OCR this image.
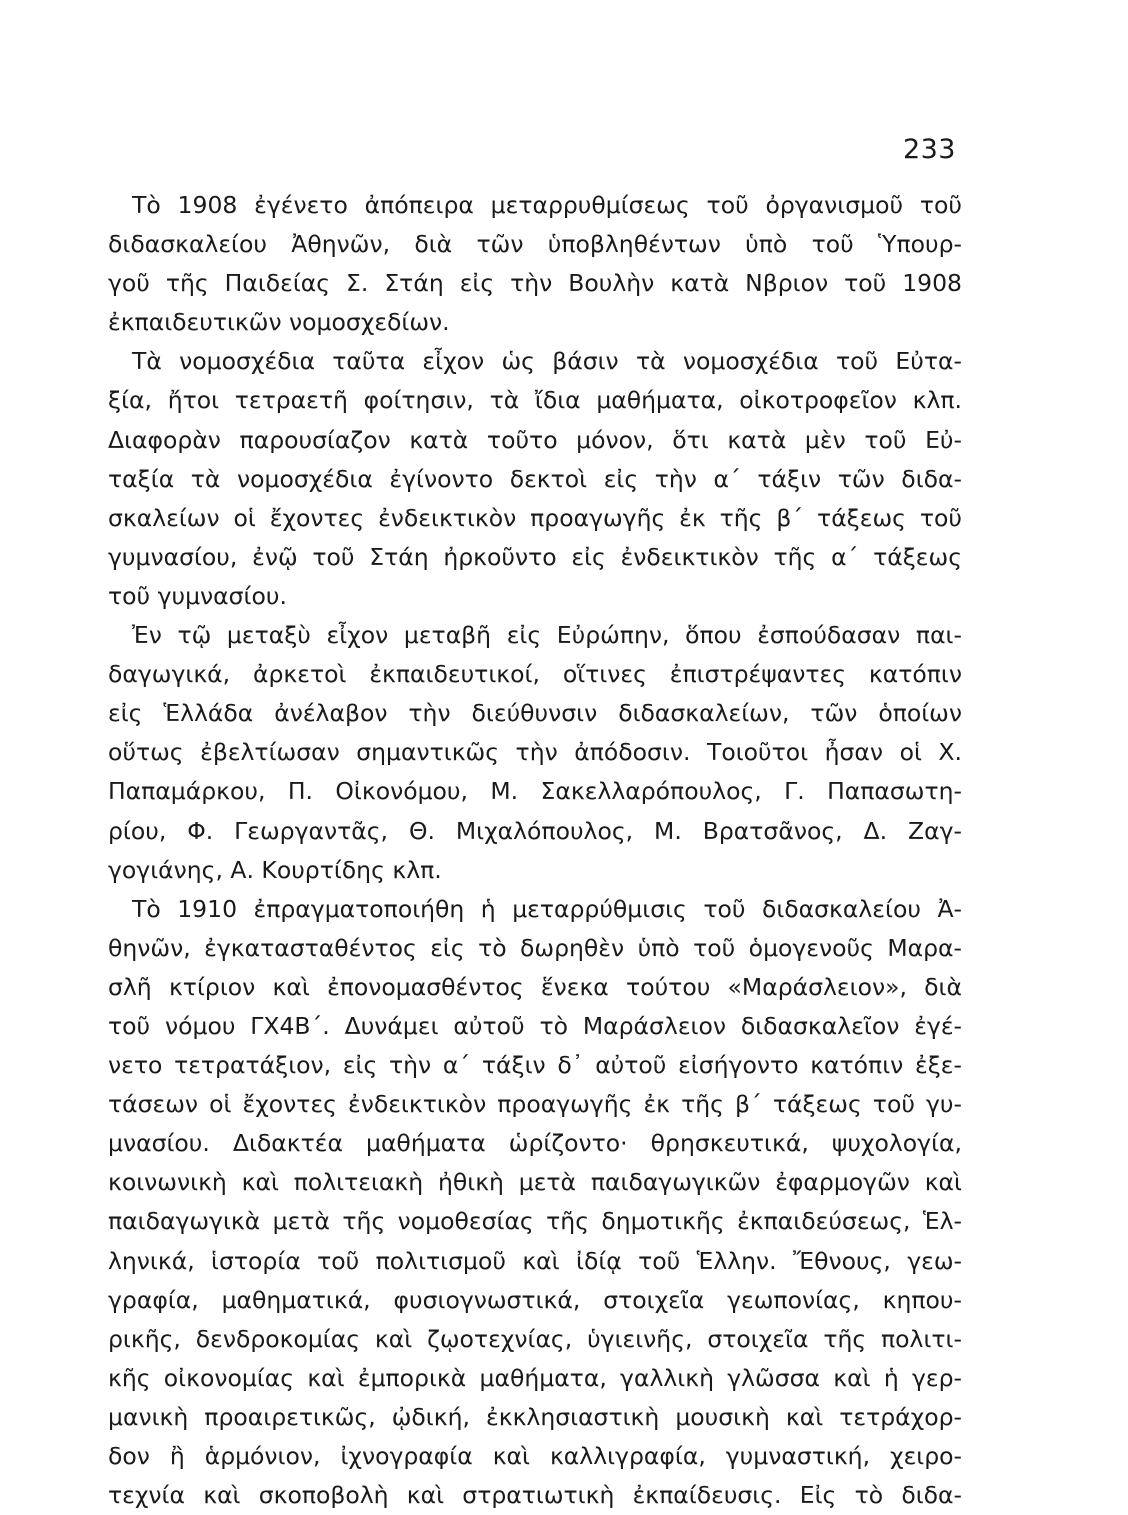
233
Τὸ 1908 ἐγένετο ἀπόπειρα μεταρρυθμίσεως τοῦ ὀργανισμοῦ τοῦ
διδασκαλείου Ἀθηνῶν, διὰ τῶν ὑποβληθέντων ὑπὸ τοῦ Ὑπουρ-
γοῦ τῆς Παιδείας Σ. Στάη εἰς τὴν Βουλὴν κατὰ Νβριον τοῦ 1908
ἐκπαιδευτικῶν νομοσχεδίων.
Τὰ νομοσχέδια ταῦτα εἶχον ὡς βάσιν τὰ νομοσχέδια τοῦ Εὐτα-
ξία, ἤτοι τετραετῆ φοίτησιν, τὰ ἴδια μαθήματα, οἰκοτροφεῖον κλπ.
Διαφορὰν παρουσίαζον κατὰ τοῦτο μόνον, ὅτι κατὰ μὲν τοῦ Εὐ-
ταξία τὰ νομοσχέδια ἐγίνοντο δεκτοὶ εἰς τὴν α΄ τάξιν τῶν διδα-
σκαλείων οἱ ἔχοντες ἐνδεικτικὸν προαγωγῆς ἐκ τῆς β΄ τάξεως τοῦ
γυμνασίου, ἐνῷ τοῦ Στάη ἠρκοῦντο εἰς ἐνδεικτικὸν τῆς α΄ τάξεως
τοῦ γυμνασίου.
Ἐν τῷ μεταξὺ εἶχον μεταβῆ εἰς Εὐρώπην, ὅπου ἐσπούδασαν παι-
δαγωγικά, ἀρκετοὶ ἐκπαιδευτικοί, οἵτινες ἐπιστρέψαντες κατόπιν
εἰς Ἑλλάδα ἀνέλαβον τὴν διεύθυνσιν διδασκαλείων, τῶν ὁποίων
οὕτως ἐβελτίωσαν σημαντικῶς τὴν ἀπόδοσιν. Τοιοῦτοι ἦσαν οἱ Χ.
Παπαμάρκου, Π. Οἰκονόμου, Μ. Σακελλαρόπουλος, Γ. Παπασωτη-
ρίου, Φ. Γεωργαντᾶς, Θ. Μιχαλόπουλος, Μ. Βρατσᾶνος, Δ. Ζαγ-
γογιάνης, Α. Κουρτίδης κλπ.
Τὸ 1910 ἐπραγματοποιήθη ἡ μεταρρύθμισις τοῦ διδασκαλείου Ἀ-
θηνῶν, ἐγκατασταθέντος εἰς τὸ δωρηθὲν ὑπὸ τοῦ ὁμογενοῦς Μαρα-
σλῆ κτίριον καὶ ἐπονομασθέντος ἕνεκα τούτου «Μαράσλειον», διὰ
τοῦ νόμου ΓΧ4Β΄. Δυνάμει αὐτοῦ τὸ Μαράσλειον διδασκαλεῖον ἐγέ-
νετο τετρατάξιον, εἰς τὴν α΄ τάξιν δ᾽ αὐτοῦ εἰσήγοντο κατόπιν ἐξε-
τάσεων οἱ ἔχοντες ἐνδεικτικὸν προαγωγῆς ἐκ τῆς β΄ τάξεως τοῦ γυ-
μνασίου. Διδακτέα μαθήματα ὡρίζοντο· θρησκευτικά, ψυχολογία,
κοινωνικὴ καὶ πολιτειακὴ ἠθικὴ μετὰ παιδαγωγικῶν ἐφαρμογῶν καὶ
παιδαγωγικὰ μετὰ τῆς νομοθεσίας τῆς δημοτικῆς ἐκπαιδεύσεως, Ἑλ-
ληνικά, ἱστορία τοῦ πολιτισμοῦ καὶ ἰδίᾳ τοῦ Ἑλλην. Ἔθνους, γεω-
γραφία, μαθηματικά, φυσιογνωστικά, στοιχεῖα γεωπονίας, κηπου-
ρικῆς, δενδροκομίας καὶ ζῳοτεχνίας, ὑγιεινῆς, στοιχεῖα τῆς πολιτι-
κῆς οἰκονομίας καὶ ἐμπορικὰ μαθήματα, γαλλικὴ γλῶσσα καὶ ἡ γερ-
μανικὴ προαιρετικῶς, ᾠδική, ἐκκλησιαστικὴ μουσικὴ καὶ τετράχορ-
δον ἢ ἁρμόνιον, ἰχνογραφία καὶ καλλιγραφία, γυμναστική, χειρο-
τεχνία καὶ σκοποβολὴ καὶ στρατιωτικὴ ἐκπαίδευσις. Εἰς τὸ διδα-
